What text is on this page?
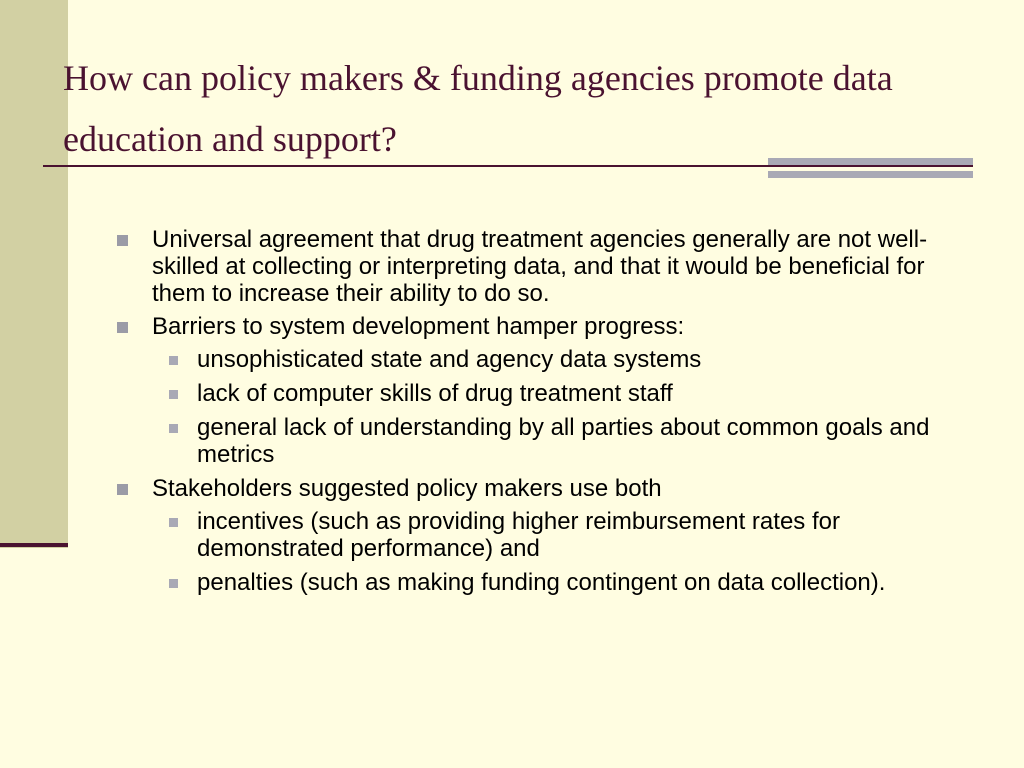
How can policy makers & funding agencies promote data education and support?
Universal agreement that drug treatment agencies generally are not well-skilled at collecting or interpreting data, and that it would be beneficial for them to increase their ability to do so.
Barriers to system development hamper progress:
unsophisticated state and agency data systems
lack of computer skills of drug treatment staff
general lack of understanding by all parties about common goals and metrics
Stakeholders suggested policy makers use both
incentives (such as providing higher reimbursement rates for demonstrated performance) and
penalties (such as making funding contingent on data collection).
